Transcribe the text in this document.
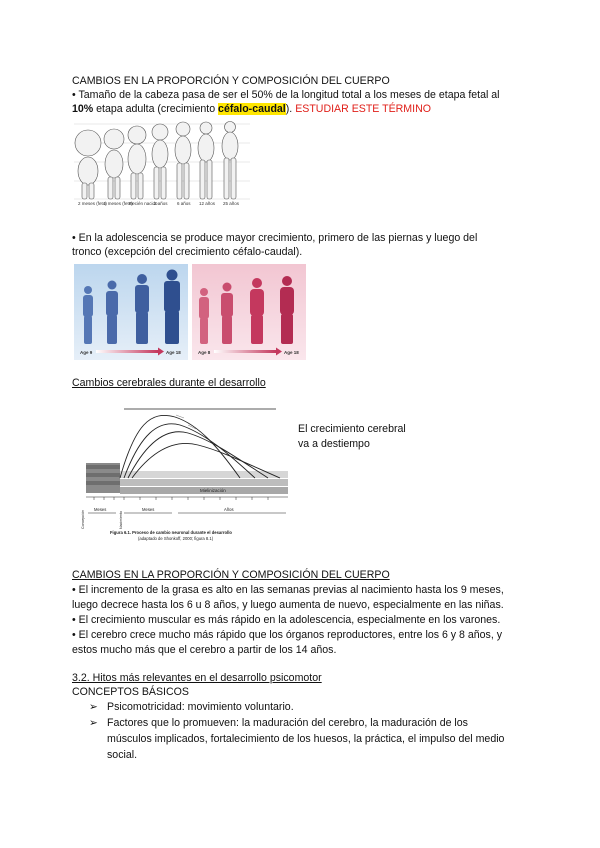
CAMBIOS EN LA PROPORCIÓN Y COMPOSICIÓN DEL CUERPO
• Tamaño de la cabeza pasa de ser el 50% de la longitud total a los meses de etapa fetal al
10% etapa adulta (crecimiento céfalo-caudal). ESTUDIAR ESTE TÉRMINO
2 meses (feto)
5 meses (feto)
Recién nacido
2 años 6 años 12 años 25 años
• En la adolescencia se produce mayor crecimiento, primero de las piernas y luego del
tronco (excepción del crecimiento céfalo-caudal).
Age 9	Age 18	Age 8	Age 18
Cambios cerebrales durante el desarrollo
Mielinización
Meses	Meses	Años
Concepción	Nacimiento
Figura 6.1. Proceso de cambio neuronal durante el desarrollo
(adaptado de Shonkoff, 2000; figura 8.1)
El crecimiento cerebral
va a destiempo
CAMBIOS EN LA PROPORCIÓN Y COMPOSICIÓN DEL CUERPO
• El incremento de la grasa es alto en las semanas previas al nacimiento hasta los 9 meses,
luego decrece hasta los 6 u 8 años, y luego aumenta de nuevo, especialmente en las niñas.
• El crecimiento muscular es más rápido en la adolescencia, especialmente en los varones.
• El cerebro crece mucho más rápido que los órganos reproductores, entre los 6 y 8 años, y
estos mucho más que el cerebro a partir de los 14 años.
3.2. Hitos más relevantes en el desarrollo psicomotor
CONCEPTOS BÁSICOS
➢ Psicomotricidad: movimiento voluntario.
➢ Factores que lo promueven: la maduración del cerebro, la maduración de los
músculos implicados, fortalecimiento de los huesos, la práctica, el impulso del medio
social.
